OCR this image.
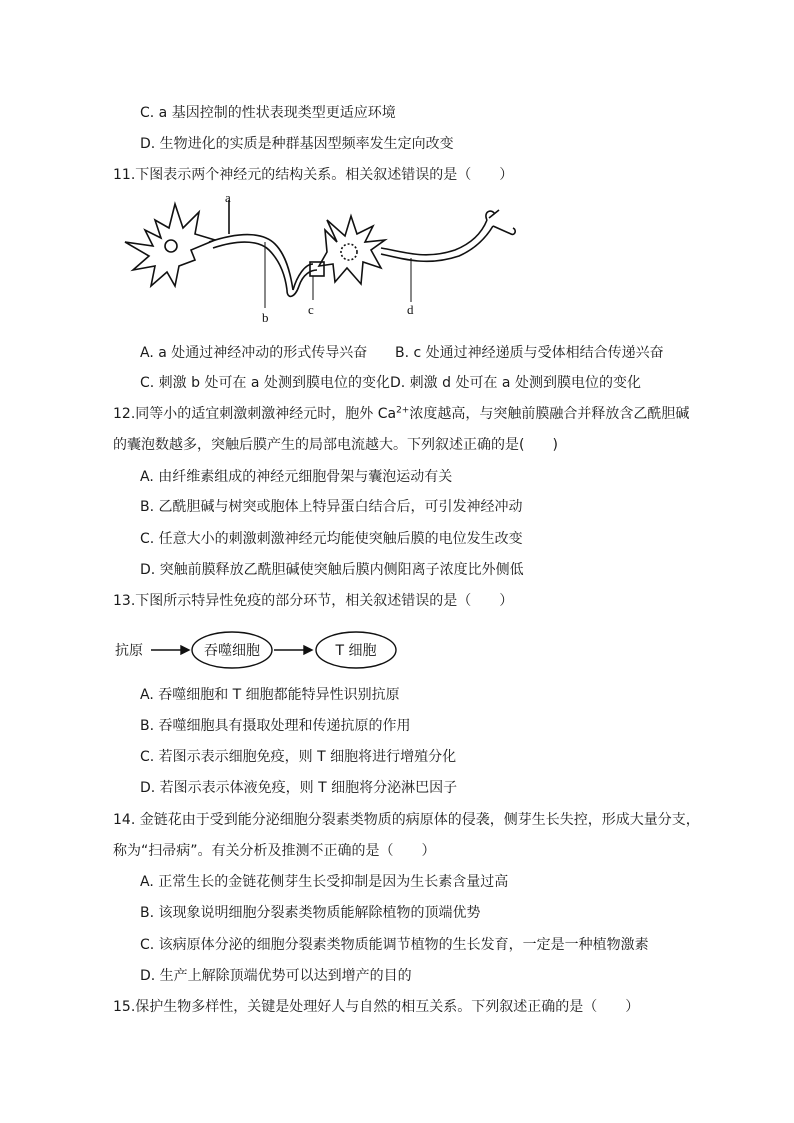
C. a 基因控制的性状表现类型更适应环境
D. 生物进化的实质是种群基因型频率发生定向改变
11.下图表示两个神经元的结构关系。相关叙述错误的是（　　）
a
b
c	d
A. a 处通过神经冲动的形式传导兴奋 B. c 处通过神经递质与受体相结合传递兴奋
C. 刺激 b 处可在 a 处测到膜电位的变化 D. 刺激 d 处可在 a 处测到膜电位的变化
12.同等小的适宜刺激刺激神经元时，胞外 $Ca^{2+}$浓度越高，与突触前膜融合并释放含乙酰胆碱
的囊泡数越多，突触后膜产生的局部电流越大。下列叙述正确的是(　　)
A. 由纤维素组成的神经元细胞骨架与囊泡运动有关
B. 乙酰胆碱与树突或胞体上特异蛋白结合后，可引发神经冲动
C. 任意大小的刺激刺激神经元均能使突触后膜的电位发生改变
D. 突触前膜释放乙酰胆碱使突触后膜内侧阳离子浓度比外侧低
13.下图所示特异性免疫的部分环节，相关叙述错误的是（　　）
抗原	吞噬细胞	T 细胞
A. 吞噬细胞和 T 细胞都能特异性识别抗原
B. 吞噬细胞具有摄取处理和传递抗原的作用
C. 若图示表示细胞免疫，则 T 细胞将进行增殖分化
D. 若图示表示体液免疫，则 T 细胞将分泌淋巴因子
14. 金链花由于受到能分泌细胞分裂素类物质的病原体的侵袭，侧芽生长失控，形成大量分支，
称为“扫帚病”。有关分析及推测不正确的是（　　）
A. 正常生长的金链花侧芽生长受抑制是因为生长素含量过高
B. 该现象说明细胞分裂素类物质能解除植物的顶端优势
C. 该病原体分泌的细胞分裂素类物质能调节植物的生长发育，一定是一种植物激素
D. 生产上解除顶端优势可以达到增产的目的
15.保护生物多样性，关键是处理好人与自然的相互关系。下列叙述正确的是（　　）
